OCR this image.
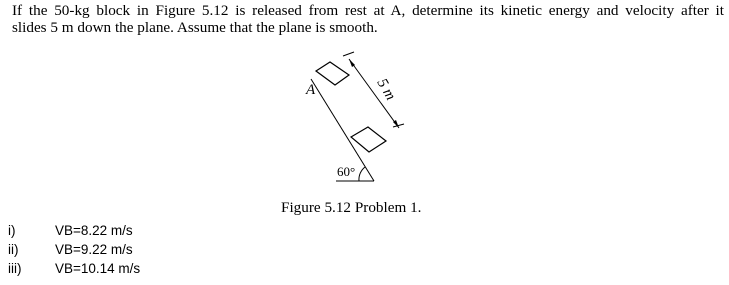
If the 50-kg block in Figure 5.12 is released from rest at A, determine its kinetic energy and velocity after it
slides 5 m down the plane. Assume that the plane is smooth.
A	5 m
60°
Figure 5.12 Problem 1.
i)	VB=8.22 m/s
ii)	VB=9.22 m/s
iii) VB=10.14 m/s
